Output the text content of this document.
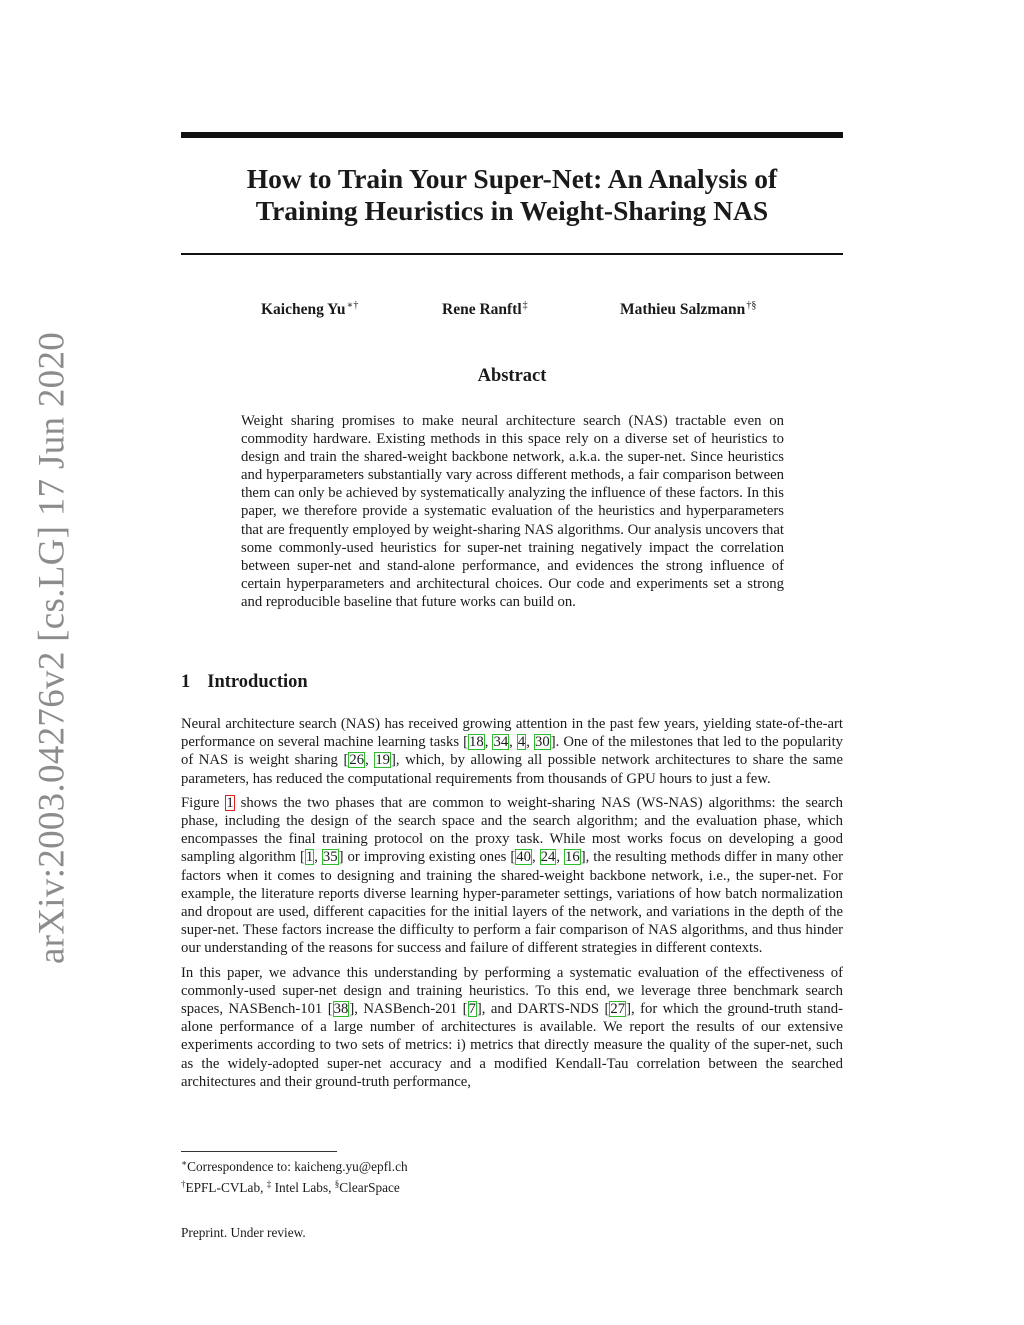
arXiv:2003.04276v2 [cs.LG] 17 Jun 2020
How to Train Your Super-Net: An Analysis of
Training Heuristics in Weight-Sharing NAS
Kaicheng Yu∗†	Rene Ranftl‡	Mathieu Salzmann†§
Abstract

Weight sharing promises to make neural architecture search (NAS) tractable even on commodity hardware. Existing methods in this space rely on a diverse set of heuristics to design and train the shared-weight backbone network, a.k.a. the super-net. Since heuristics and hyperparameters substantially vary across different methods, a fair comparison between them can only be achieved by systematically analyzing the influence of these factors. In this paper, we therefore provide a systematic evaluation of the heuristics and hyperparameters that are frequently employed by weight-sharing NAS algorithms. Our analysis uncovers that some commonly-used heuristics for super-net training negatively impact the correlation between super-net and stand-alone performance, and evidences the strong influence of certain hyperparameters and architectural choices. Our code and experiments set a strong and reproducible baseline that future works can build on.

1 Introduction

Neural architecture search (NAS) has received growing attention in the past few years, yielding state-of-the-art performance on several machine learning tasks [18, 34, 4, 30]. One of the milestones that led to the popularity of NAS is weight sharing [26, 19], which, by allowing all possible network architectures to share the same parameters, has reduced the computational requirements from thousands of GPU hours to just a few.

Figure 1 shows the two phases that are common to weight-sharing NAS (WS-NAS) algorithms: the search phase, including the design of the search space and the search algorithm; and the evaluation phase, which encompasses the final training protocol on the proxy task. While most works focus on developing a good sampling algorithm [1, 35] or improving existing ones [40, 24, 16], the resulting methods differ in many other factors when it comes to designing and training the shared-weight backbone network, i.e., the super-net. For example, the literature reports diverse learning hyper-parameter settings, variations of how batch normalization and dropout are used, different capacities for the initial layers of the network, and variations in the depth of the super-net. These factors increase the difficulty to perform a fair comparison of NAS algorithms, and thus hinder our understanding of the reasons for success and failure of different strategies in different contexts.

In this paper, we advance this understanding by performing a systematic evaluation of the effectiveness of commonly-used super-net design and training heuristics. To this end, we leverage three benchmark search spaces, NASBench-101 [38], NASBench-201 [7], and DARTS-NDS [27], for which the ground-truth stand-alone performance of a large number of architectures is available. We report the results of our extensive experiments according to two sets of metrics: i) metrics that directly measure the quality of the super-net, such as the widely-adopted super-net accuracy and a modified Kendall-Tau correlation between the searched architectures and their ground-truth performance,

∗Correspondence to: kaicheng.yu@epfl.ch
†EPFL-CVLab, ‡ Intel Labs, §ClearSpace
Preprint. Under review.
